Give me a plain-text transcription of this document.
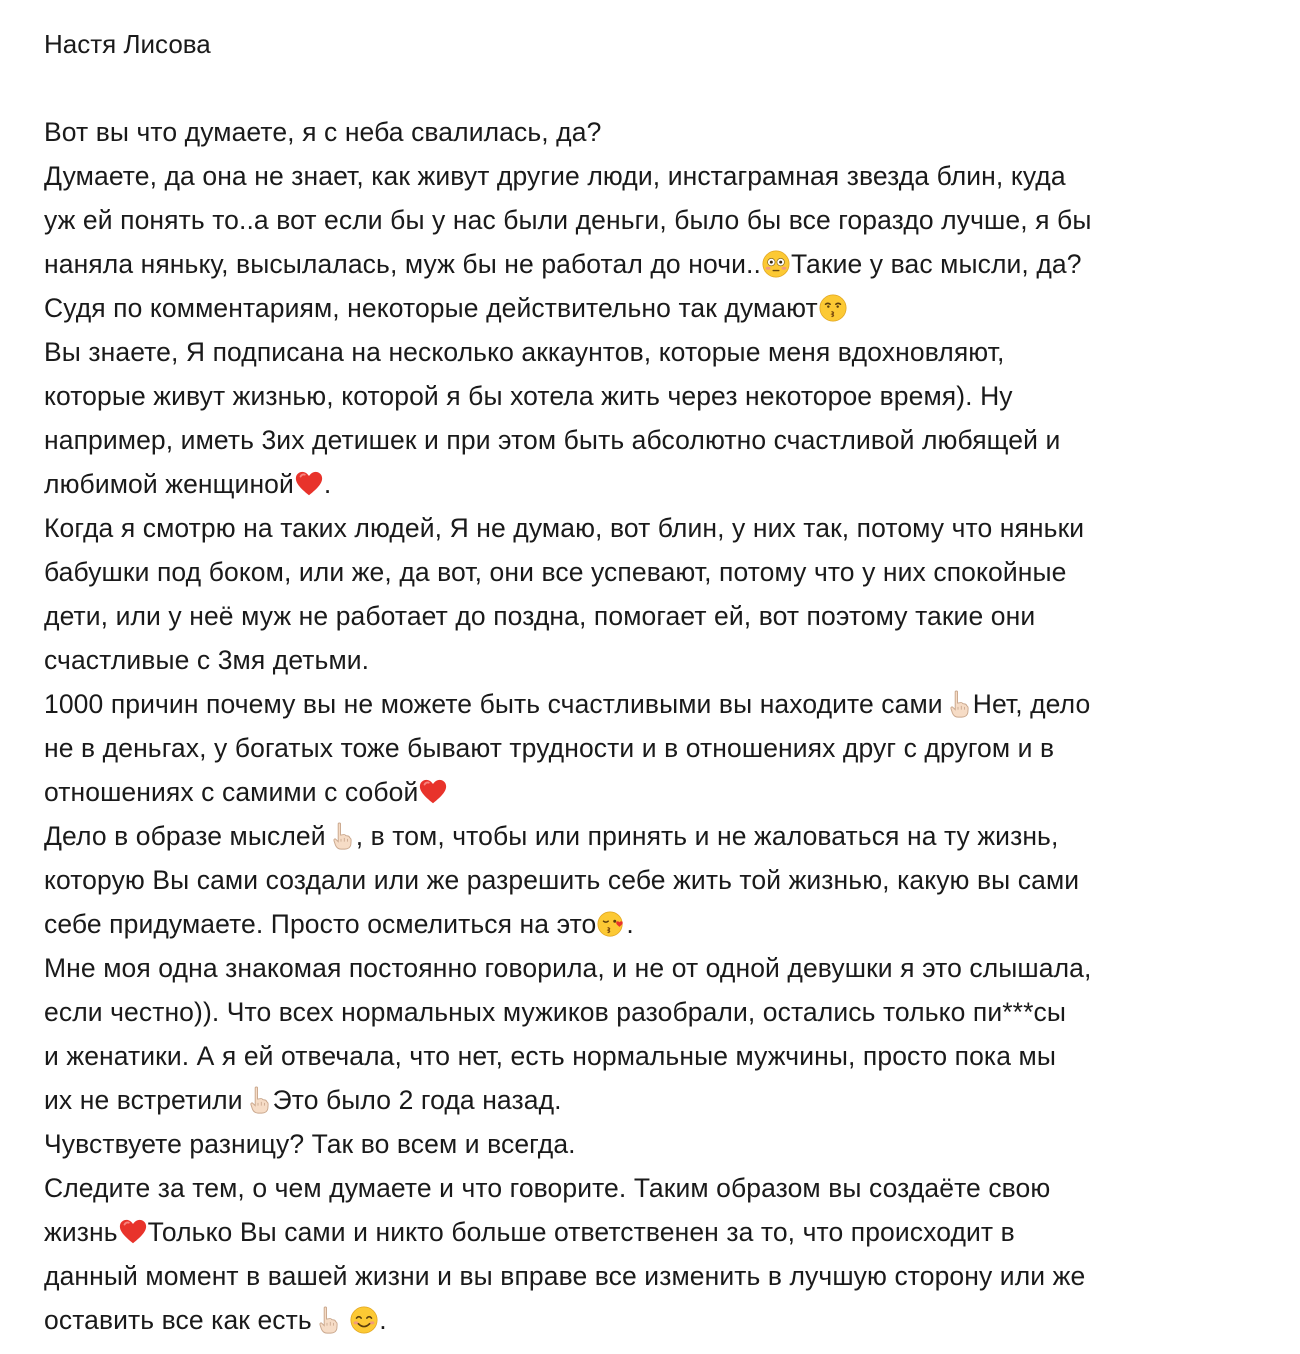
Настя Лисова
Вот вы что думаете, я с неба свалилась, да?
Думаете, да она не знает, как живут другие люди, инстаграмная звезда блин, куда
уж ей понять то..а вот если бы у нас были деньги, было бы все гораздо лучше, я бы
наняла няньку, высылалась, муж бы не работал до ночи.. Такие у вас мысли, да?
Судя по комментариям, некоторые действительно так думают
Вы знаете, Я подписана на несколько аккаунтов, которые меня вдохновляют,
которые живут жизнью, которой я бы хотела жить через некоторое время). Ну
например, иметь 3их детишек и при этом быть абсолютно счастливой любящей и
любимой женщиной .
Когда я смотрю на таких людей, Я не думаю, вот блин, у них так, потому что няньки
бабушки под боком, или же, да вот, они все успевают, потому что у них спокойные
дети, или у неё муж не работает до поздна, помогает ей, вот поэтому такие они
счастливые с 3мя детьми.
1000 причин почему вы не можете быть счастливыми вы находите сами Нет, дело
не в деньгах, у богатых тоже бывают трудности и в отношениях друг с другом и в
отношениях с самими с собой
Дело в образе мыслей , в том, чтобы или принять и не жаловаться на ту жизнь,
которую Вы сами создали или же разрешить себе жить той жизнью, какую вы сами
себе придумаете. Просто осмелиться на это .
Мне моя одна знакомая постоянно говорила, и не от одной девушки я это слышала,
если честно)). Что всех нормальных мужиков разобрали, остались только пи***сы
и женатики. А я ей отвечала, что нет, есть нормальные мужчины, просто пока мы
их не встретили Это было 2 года назад.
Чувствуете разницу? Так во всем и всегда.
Следите за тем, о чем думаете и что говорите. Таким образом вы создаёте свою
жизнь Только Вы сами и никто больше ответственен за то, что происходит в
данный момент в вашей жизни и вы вправе все изменить в лучшую сторону или же
оставить все как есть
	.
